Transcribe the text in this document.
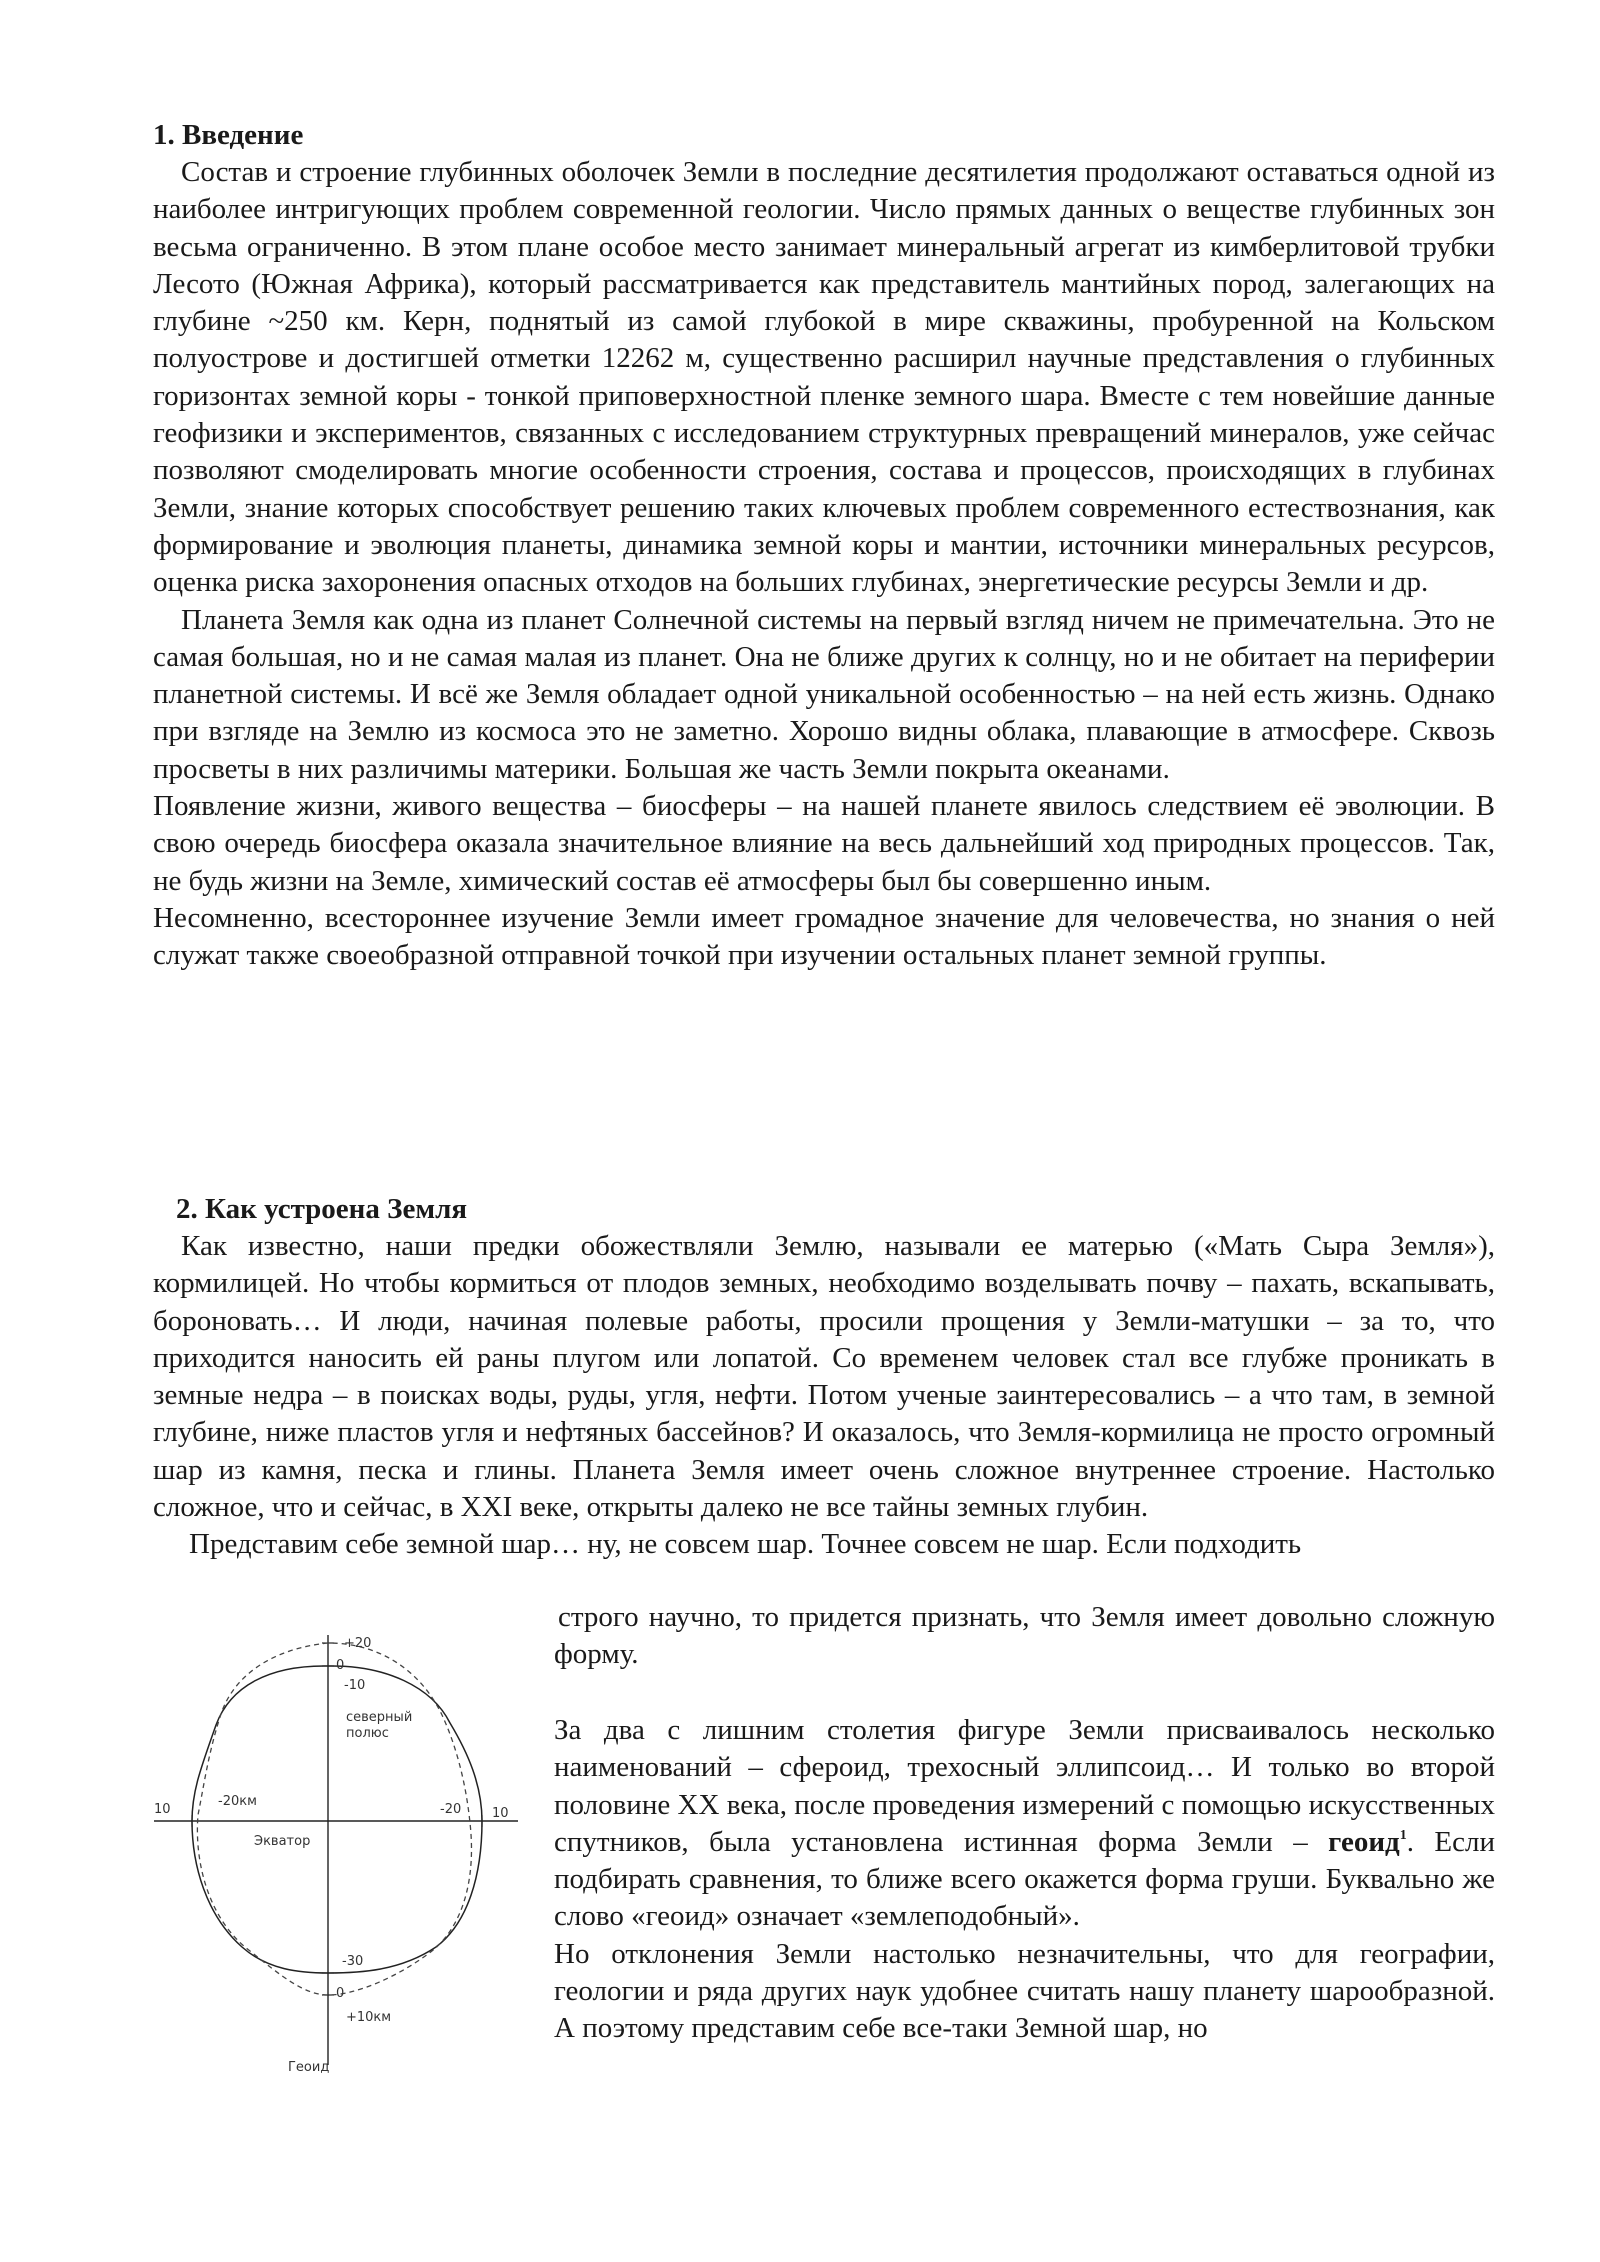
1. Введение

Состав и строение глубинных оболочек Земли в последние десятилетия продолжают оставаться одной из наиболее интригующих проблем современной геологии. Число прямых данных о веществе глубинных зон весьма ограниченно. В этом плане особое место занимает минеральный агрегат из кимберлитовой трубки Лесото (Южная Африка), который рассматривается как представитель мантийных пород, залегающих на глубине ~250 км. Керн, поднятый из самой глубокой в мире скважины, пробуренной на Кольском полуострове и достигшей отметки 12262 м, существенно расширил научные представления о глубинных горизонтах земной коры - тонкой приповерхностной пленке земного шара. Вместе с тем новейшие данные геофизики и экспериментов, связанных с исследованием структурных превращений минералов, уже сейчас позволяют смоделировать многие особенности строения, состава и процессов, происходящих в глубинах Земли, знание которых способствует решению таких ключевых проблем современного естествознания, как формирование и эволюция планеты, динамика земной коры и мантии, источники минеральных ресурсов, оценка риска захоронения опасных отходов на больших глубинах, энергетические ресурсы Земли и др.

Планета Земля как одна из планет Солнечной системы на первый взгляд ничем не примечательна. Это не самая большая, но и не самая малая из планет. Она не ближе других к солнцу, но и не обитает на периферии планетной системы. И всё же Земля обладает одной уникальной особенностью – на ней есть жизнь. Однако при взгляде на Землю из космоса это не заметно. Хорошо видны облака, плавающие в атмосфере. Сквозь просветы в них различимы материки. Большая же часть Земли покрыта океанами.

Появление жизни, живого вещества – биосферы – на нашей планете явилось следствием её эволюции. В свою очередь биосфера оказала значительное влияние на весь дальнейший ход природных процессов. Так, не будь жизни на Земле, химический состав её атмосферы был бы совершенно иным.

Несомненно, всестороннее изучение Земли имеет громадное значение для человечества, но знания о ней служат также своеобразной отправной точкой при изучении остальных планет земной группы.

2. Как устроена Земля

Как известно, наши предки обожествляли Землю, называли ее матерью («Мать Сыра Земля»), кормилицей. Но чтобы кормиться от плодов земных, необходимо возделывать почву – пахать, вскапывать, бороновать… И люди, начиная полевые работы, просили прощения у Земли-матушки – за то, что приходится наносить ей раны плугом или лопатой. Со временем человек стал все глубже проникать в земные недра – в поисках воды, руды, угля, нефти. Потом ученые заинтересовались – а что там, в земной глубине, ниже пластов угля и нефтяных бассейнов? И оказалось, что Земля-кормилица не просто огромный шар из камня, песка и глины. Планета Земля имеет очень сложное внутреннее строение. Настолько сложное, что и сейчас, в XXI веке, открыты далеко не все тайны земных глубин.

Представим себе земной шар… ну, не совсем шар. Точнее совсем не шар. Если подходить

строго научно, то придется признать, что Земля имеет довольно сложную форму.

За два с лишним столетия фигуре Земли присваивалось несколько наименований – сфероид, трехосный эллипсоид… И только во второй половине XX века, после проведения измерений с помощью искусственных спутников, была установлена истинная форма Земли – геоид$^1$. Если подбирать сравнения, то ближе всего окажется форма груши. Буквально же слово «геоид» означает «землеподобный».

Но отклонения Земли настолько незначительны, что для географии, геологии и ряда других наук удобнее считать нашу планету шарообразной. А поэтому представим себе все-таки Земной шар, но

+20
0
-10
северный
полюс
10
-20км
-20 10
Экватор
-30
0
+10км
Геоид
